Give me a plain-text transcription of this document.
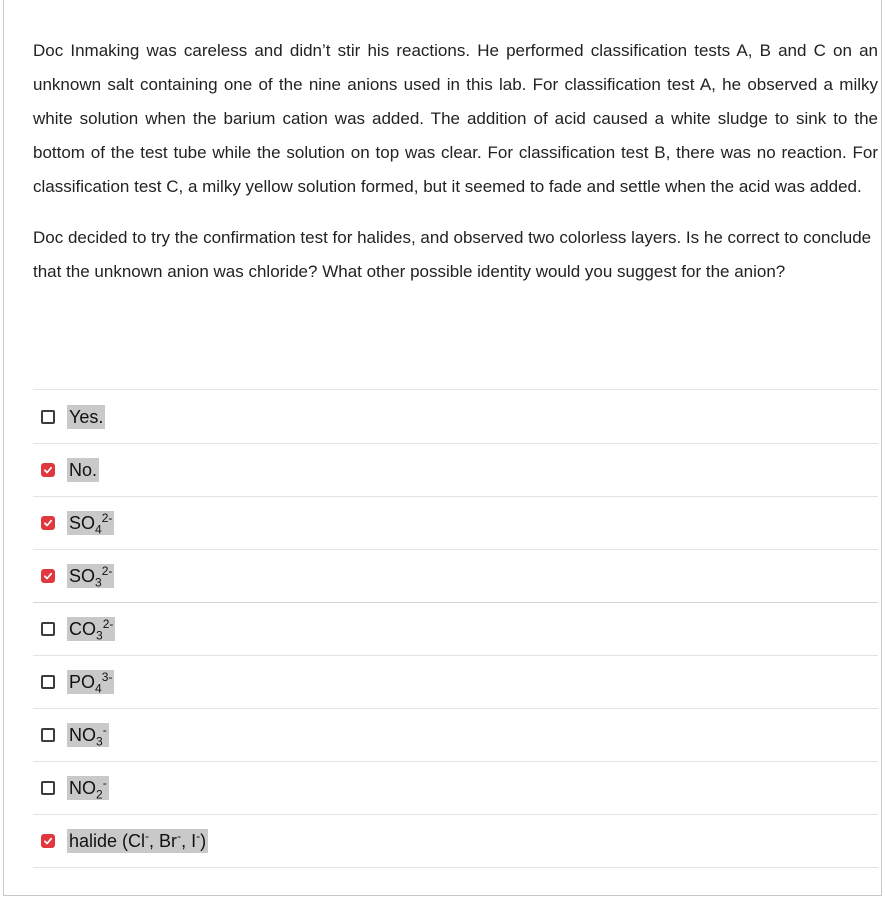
Doc Inmaking was careless and didn’t stir his reactions. He performed classification tests A, B and C on an unknown salt containing one of the nine anions used in this lab. For classification test A, he observed a milky white solution when the barium cation was added. The addition of acid caused a white sludge to sink to the bottom of the test tube while the solution on top was clear. For classification test B, there was no reaction. For classification test C, a milky yellow solution formed, but it seemed to fade and settle when the acid was added.

Doc decided to try the confirmation test for halides, and observed two colorless layers. Is he correct to conclude that the unknown anion was chloride? What other possible identity would you suggest for the anion?

Yes.
No.
$SO_4^{2-}$
$SO_3^{2-}$
$CO_3^{2-}$
$PO_4^{3-}$
$NO_3^-$
$NO_2^-$
halide (Cl-, Br-, I-)
